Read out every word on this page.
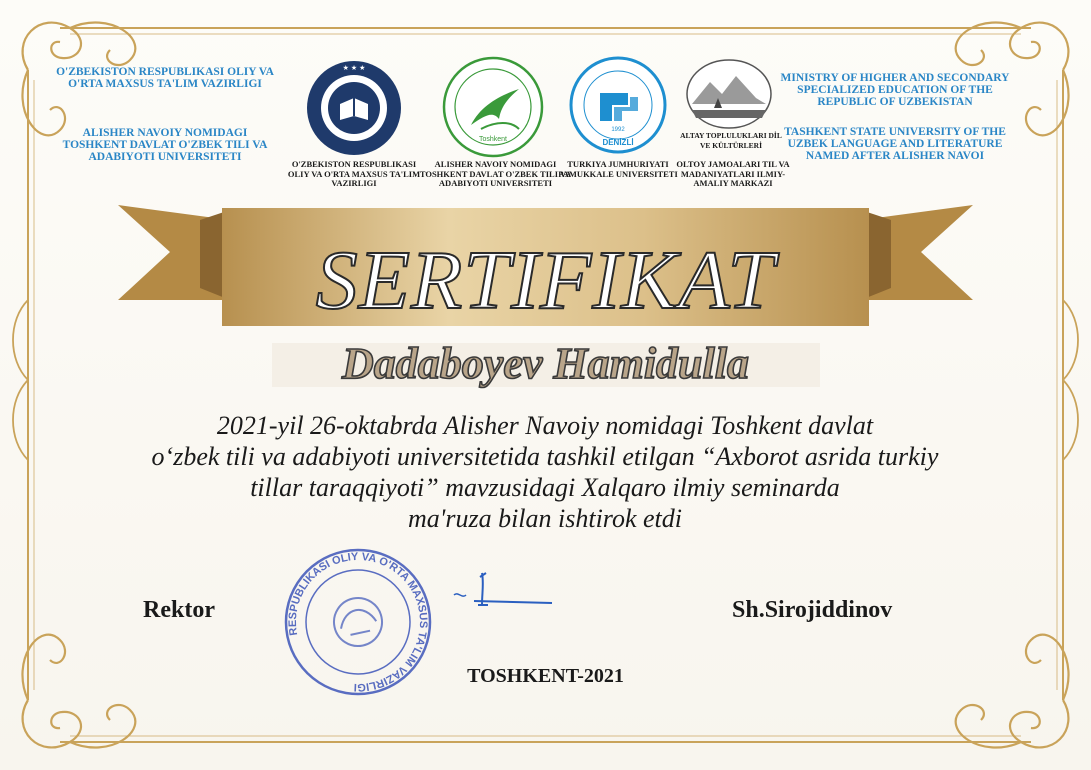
O'ZBEKISTON RESPUBLIKASI OLIY VA O'RTA MAXSUS TA'LIM VAZIRLIGI
ALISHER NAVOIY NOMIDAGI TOSHKENT DAVLAT O'ZBEK TILI VA ADABIYOTI UNIVERSITETI
MINISTRY OF HIGHER AND SECONDARY SPECIALIZED EDUCATION OF THE REPUBLIC OF UZBEKISTAN
TASHKENT STATE UNIVERSITY OF THE UZBEK LANGUAGE AND LITERATURE NAMED AFTER ALISHER NAVOI
★ ★ ★
O'ZBEKISTON RESPUBLIKASI OLIY VA O'RTA MAXSUS TA'LIM VAZIRLIGI
Toshkent
ALISHER NAVOIY NOMIDAGI TOSHKENT DAVLAT O'ZBEK TILI VA ADABIYOTI UNIVERSITETI
1992
DENİZLİ
TURKIYA JUMHURIYATI PAMUKKALE UNIVERSITETI
ALTAY TOPLULUKLARI DİL VE KÜLTÜRLERİ
OLTOY JAMOALARI TIL VA MADANIYATLARI ILMIY-AMALIY MARKAZI
SERTIFIKAT
Dadaboyev Hamidulla
2021-yil 26-oktabrda Alisher Navoiy nomidagi Toshkent davlat
o‘zbek tili va adabiyoti universitetida tashkil etilgan “Axborot asrida turkiy
tillar taraqqiyoti” mavzusidagi Xalqaro ilmiy seminarda
ma'ruza bilan ishtirok etdi
RESPUBLIKASI OLIY VA O'RTA MAXSUS TA'LIM VAZIRLIGI
Rektor	Sh.Sirojiddinov
TOSHKENT-2021
